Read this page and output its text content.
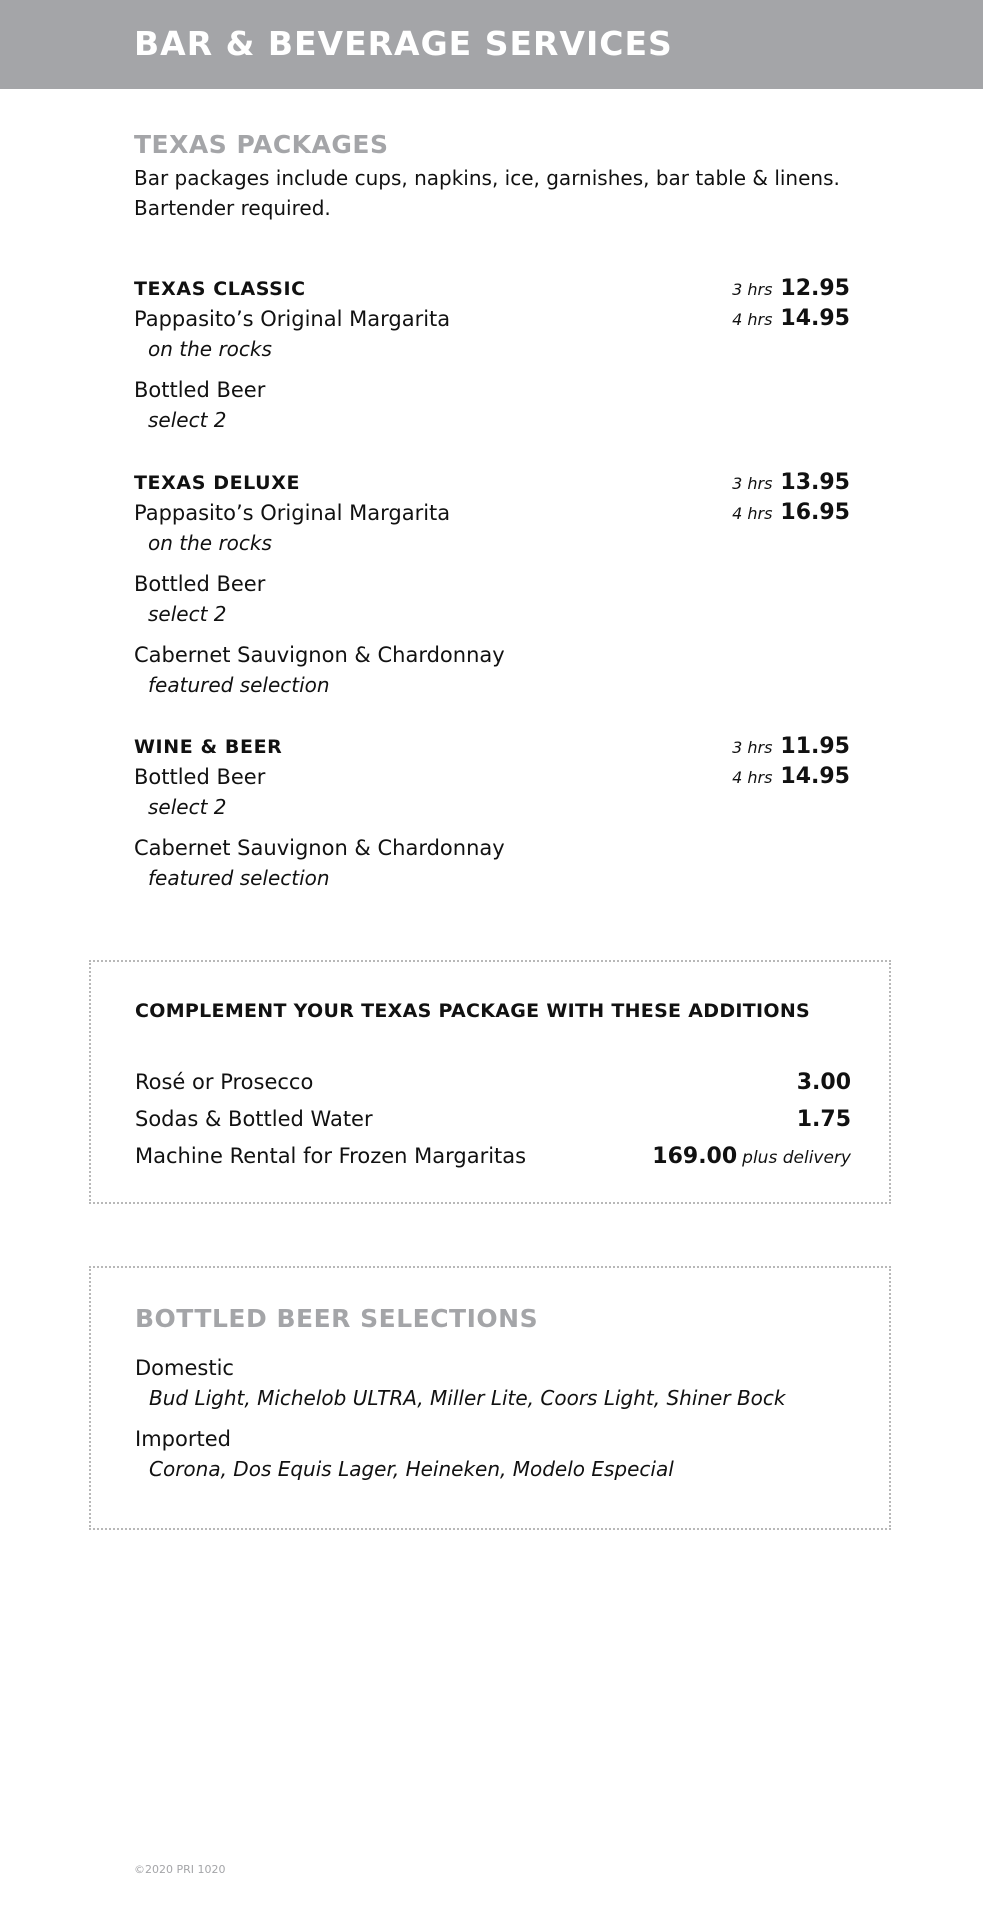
BAR & BEVERAGE SERVICES
TEXAS PACKAGES
Bar packages include cups, napkins, ice, garnishes, bar table & linens.
Bartender required.
TEXAS CLASSIC	3 hrs 12.95
4 hrs 14.95
Pappasito’s Original Margarita
on the rocks
Bottled Beer
select 2
TEXAS DELUXE	3 hrs 13.95
4 hrs 16.95
Pappasito’s Original Margarita
on the rocks
Bottled Beer
select 2
Cabernet Sauvignon & Chardonnay
featured selection
WINE & BEER	3 hrs 11.95
4 hrs 14.95
Bottled Beer
select 2
Cabernet Sauvignon & Chardonnay
featured selection
COMPLEMENT YOUR TEXAS PACKAGE WITH THESE ADDITIONS
Rosé or Prosecco	3.00
Sodas & Bottled Water	1.75
Machine Rental for Frozen Margaritas	169.00 plus delivery
BOTTLED BEER SELECTIONS
Domestic
Bud Light, Michelob ULTRA, Miller Lite, Coors Light, Shiner Bock
Imported
Corona, Dos Equis Lager, Heineken, Modelo Especial
©2020 PRI 1020
